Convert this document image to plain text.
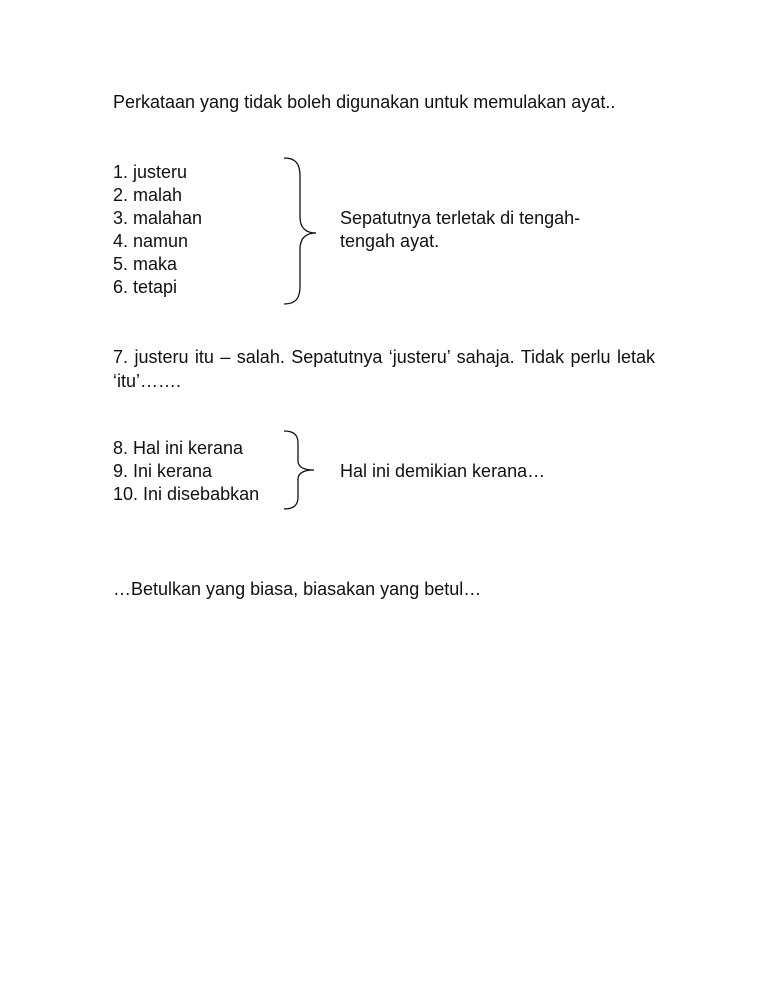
Perkataan yang tidak boleh digunakan untuk memulakan ayat..
1. justeru
2. malah
3. malahan
4. namun
5. maka
6. tetapi
Sepatutnya terletak di tengah-
tengah ayat.
7. justeru itu – salah. Sepatutnya ‘justeru’ sahaja. Tidak perlu letak ‘itu’…….
8. Hal ini kerana
9. Ini kerana
10. Ini disebabkan
Hal ini demikian kerana…
…Betulkan yang biasa, biasakan yang betul…
